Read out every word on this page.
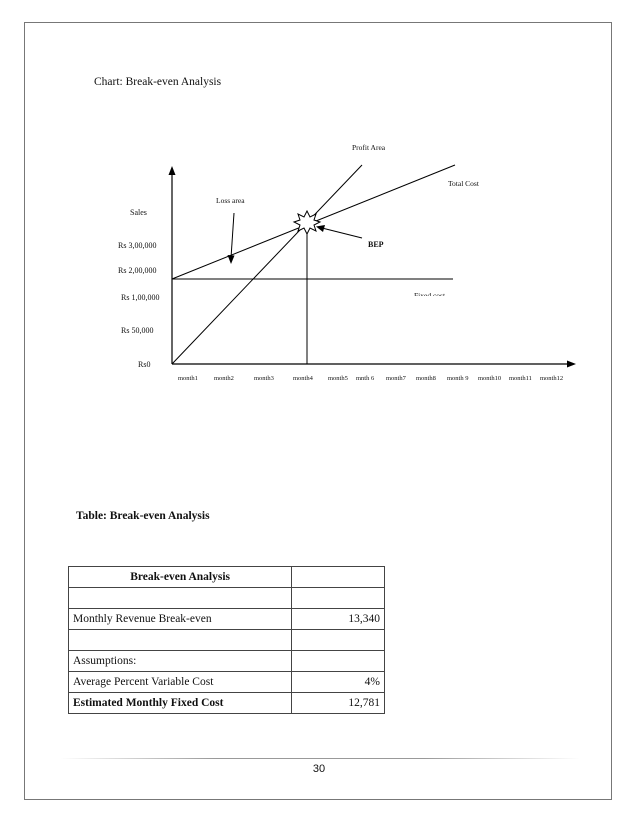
Chart: Break-even Analysis
Sales
Rs 3,00,000
Rs 2,00,000
Rs 1,00,000
Rs 50,000
Rs0
month1 month2	month3	month4 month5 mnth 6 month7 month8 month 9 month10 month11 month12
Profit Area
Total Cost
Loss area
BEP
Fixed cost
Table: Break-even Analysis
Break-even Analysis	

Monthly Revenue Break-even	13,340

Assumptions:	
Average Percent Variable Cost	4%
Estimated Monthly Fixed Cost	12,781
30
